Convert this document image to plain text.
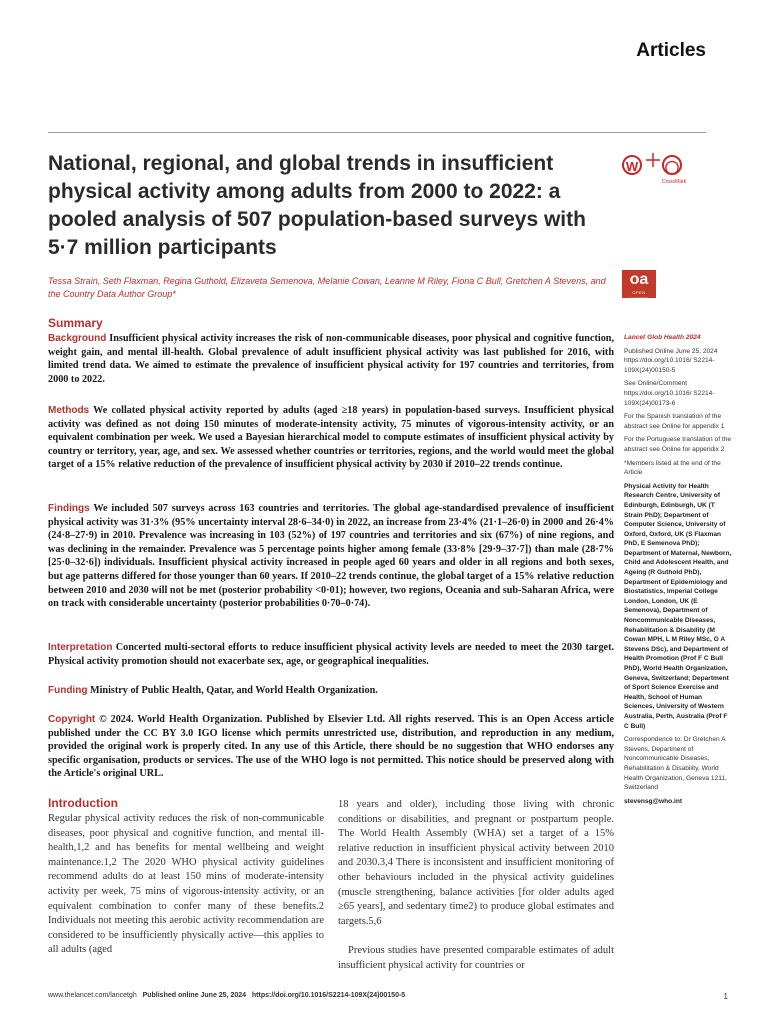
Articles
National, regional, and global trends in insufficient physical activity among adults from 2000 to 2022: a pooled analysis of 507 population-based surveys with 5·7 million participants
W ◯
CrossMark
Tessa Strain, Seth Flaxman, Regina Guthold, Elizaveta Semenova, Melanie Cowan, Leanne M Riley, Fiona C Bull, Gretchen A Stevens, and the Country Data Author Group*
oa
OPEN ACCESS
Summary

Background Insufficient physical activity increases the risk of non-communicable diseases, poor physical and cognitive function, weight gain, and mental ill-health. Global prevalence of adult insufficient physical activity was last published for 2016, with limited trend data. We aimed to estimate the prevalence of insufficient physical activity for 197 countries and territories, from 2000 to 2022.

Methods We collated physical activity reported by adults (aged ≥18 years) in population-based surveys. Insufficient physical activity was defined as not doing 150 minutes of moderate-intensity activity, 75 minutes of vigorous-intensity activity, or an equivalent combination per week. We used a Bayesian hierarchical model to compute estimates of insufficient physical activity by country or territory, year, age, and sex. We assessed whether countries or territories, regions, and the world would meet the global target of a 15% relative reduction of the prevalence of insufficient physical activity by 2030 if 2010–22 trends continue.

Findings We included 507 surveys across 163 countries and territories. The global age-standardised prevalence of insufficient physical activity was 31·3% (95% uncertainty interval 28·6–34·0) in 2022, an increase from 23·4% (21·1–26·0) in 2000 and 26·4% (24·8–27·9) in 2010. Prevalence was increasing in 103 (52%) of 197 countries and territories and six (67%) of nine regions, and was declining in the remainder. Prevalence was 5 percentage points higher among female (33·8% [29·9–37·7]) than male (28·7% [25·0–32·6]) individuals. Insufficient physical activity increased in people aged 60 years and older in all regions and both sexes, but age patterns differed for those younger than 60 years. If 2010–22 trends continue, the global target of a 15% relative reduction between 2010 and 2030 will not be met (posterior probability <0·01); however, two regions, Oceania and sub-Saharan Africa, were on track with considerable uncertainty (posterior probabilities 0·70–0·74).

Interpretation Concerted multi-sectoral efforts to reduce insufficient physical activity levels are needed to meet the 2030 target. Physical activity promotion should not exacerbate sex, age, or geographical inequalities.

Funding Ministry of Public Health, Qatar, and World Health Organization.

Copyright © 2024. World Health Organization. Published by Elsevier Ltd. All rights reserved. This is an Open Access article published under the CC BY 3.0 IGO license which permits unrestricted use, distribution, and reproduction in any medium, provided the original work is properly cited. In any use of this Article, there should be no suggestion that WHO endorses any specific organisation, products or services. The use of the WHO logo is not permitted. This notice should be preserved along with the Article's original URL.

Lancet Glob Health 2024

Published Online June 25, 2024 https://doi.org/10.1016/ S2214-109X(24)00150-5

See Online/Comment https://doi.org/10.1016/ S2214-109X(24)00173-6

For the Spanish translation of the abstract see Online for appendix 1

For the Portuguese translation of the abstract see Online for appendix 2

*Members listed at the end of the Article

Physical Activity for Health Research Centre, University of Edinburgh, Edinburgh, UK (T Strain PhD); Department of Computer Science, University of Oxford, Oxford, UK (S Flaxman PhD, E Semenova PhD); Department of Maternal, Newborn, Child and Adolescent Health, and Ageing (R Guthold PhD), Department of Epidemiology and Biostatistics, Imperial College London, London, UK (E Semenova), Department of Noncommunicable Diseases, Rehabilitation & Disability (M Cowan MPH, L M Riley MSc, G A Stevens DSc), and Department of Health Promotion (Prof F C Bull PhD), World Health Organization, Geneva, Switzerland; Department of Sport Science Exercise and Health, School of Human Sciences, University of Western Australia, Perth, Australia (Prof F C Bull)

Correspondence to: Dr Gretchen A Stevens, Department of Noncommunicable Diseases, Rehabilitation & Disability, World Health Organization, Geneva 1211, Switzerland

stevensg@who.int

Introduction

Regular physical activity reduces the risk of non-communicable diseases, poor physical and cognitive function, and mental ill-health,1,2 and has benefits for mental wellbeing and weight maintenance.1,2 The 2020 WHO physical activity guidelines recommend adults do at least 150 mins of moderate-intensity activity per week, 75 mins of vigorous-intensity activity, or an equivalent combination to confer many of these benefits.2 Individuals not meeting this aerobic activity recommendation are considered to be insufficiently physically active—this applies to all adults (aged

18 years and older), including those living with chronic conditions or disabilities, and pregnant or postpartum people. The World Health Assembly (WHA) set a target of a 15% relative reduction in insufficient physical activity between 2010 and 2030.3,4 There is inconsistent and insufficient monitoring of other behaviours included in the physical activity guidelines (muscle strengthening, balance activities [for older adults aged ≥65 years], and sedentary time2) to produce global estimates and targets.5,6

Previous studies have presented comparable estimates of adult insufficient physical activity for countries or

www.thelancet.com/lancetgh Published online June 25, 2024 https://doi.org/10.1016/S2214-109X(24)00150-5	1
